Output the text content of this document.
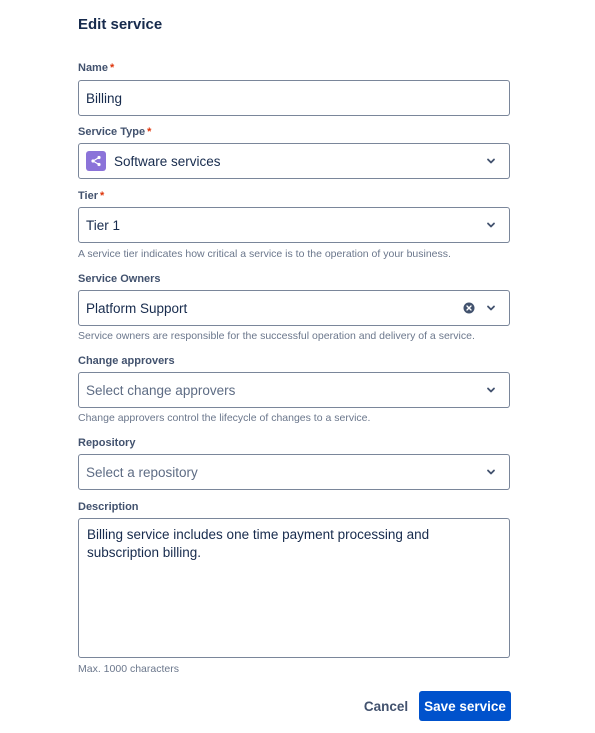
Edit service
Name *
Billing
Service Type *
Software services
Tier *
Tier 1
A service tier indicates how critical a service is to the operation of your business.
Service Owners
Platform Support
Service owners are responsible for the successful operation and delivery of a service.
Change approvers
Select change approvers
Change approvers control the lifecycle of changes to a service.
Repository
Select a repository
Description
Billing service includes one time payment processing and subscription billing.
Max. 1000 characters
Cancel	Save service
